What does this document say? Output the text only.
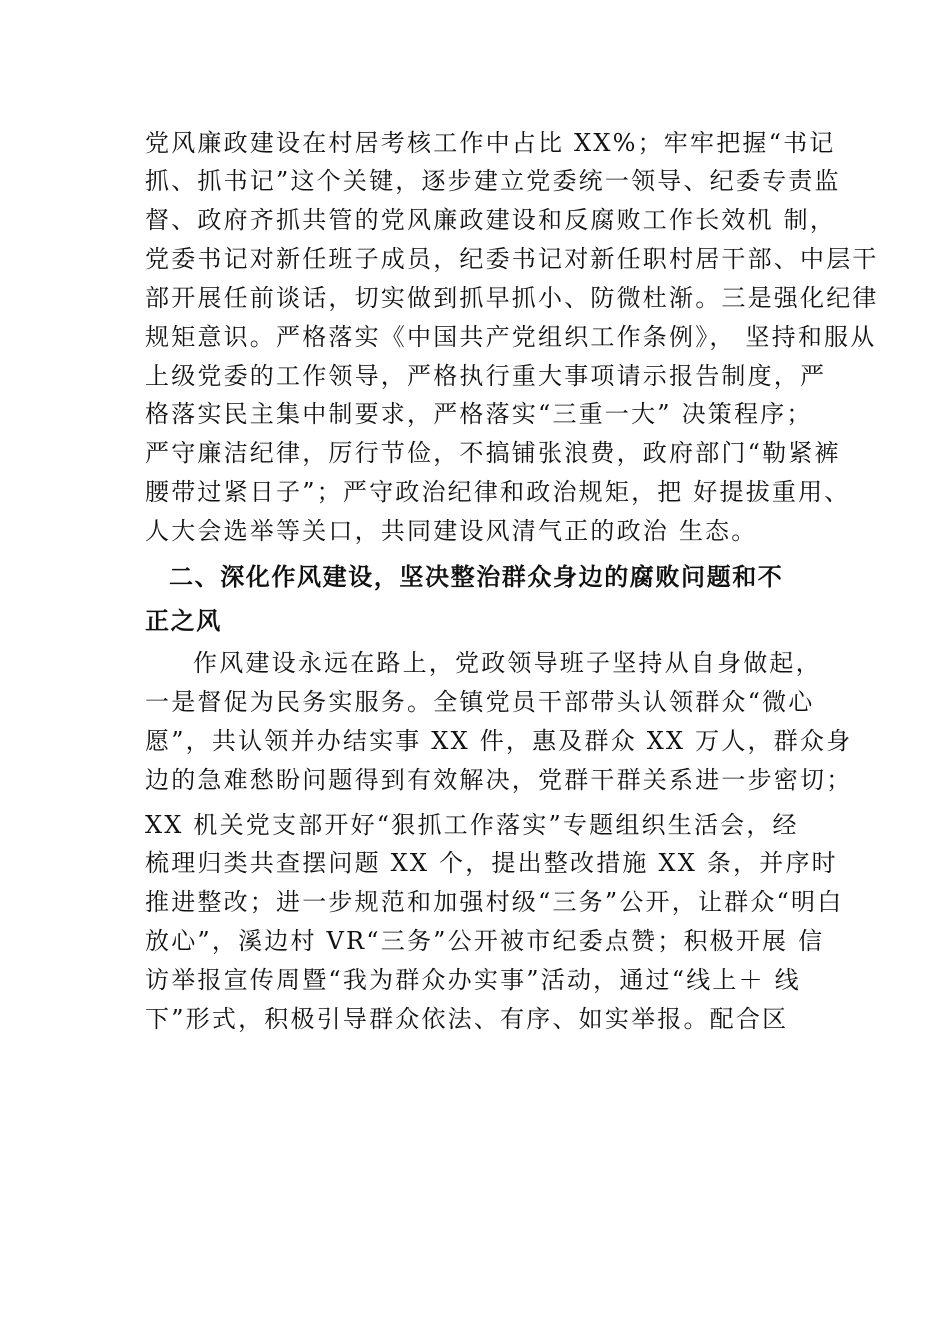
党风廉政建设在村居考核工作中占比 XX%；牢牢把握“书记
抓、抓书记”这个关键，逐步建立党委统一领导、纪委专责监
督、政府齐抓共管的党风廉政建设和反腐败工作长效机 制，
党委书记对新任班子成员，纪委书记对新任职村居干部、中层干
部开展任前谈话，切实做到抓早抓小、防微杜渐。三是强化纪律
规矩意识。严格落实《中国共产党组织工作条例》， 坚持和服从
上级党委的工作领导，严格执行重大事项请示报告制度，严
格落实民主集中制要求，严格落实“三重一大” 决策程序；
严守廉洁纪律，厉行节俭，不搞铺张浪费，政府部门“勒紧裤
腰带过紧日子”；严守政治纪律和政治规矩，把 好提拔重用、
人大会选举等关口，共同建设风清气正的政治 生态。
二、深化作风建设，坚决整治群众身边的腐败问题和不
正之风
作风建设永远在路上，党政领导班子坚持从自身做起，
一是督促为民务实服务。全镇党员干部带头认领群众“微心
愿”，共认领并办结实事 XX 件，惠及群众 XX 万人，群众身
边的急难愁盼问题得到有效解决，党群干群关系进一步密切；
XX 机关党支部开好“狠抓工作落实”专题组织生活会，经
梳理归类共查摆问题 XX 个，提出整改措施 XX 条，并序时
推进整改；进一步规范和加强村级“三务”公开，让群众“明白
放心”，溪边村 VR“三务”公开被市纪委点赞；积极开展 信
访举报宣传周暨“我为群众办实事”活动，通过“线上＋ 线
下”形式，积极引导群众依法、有序、如实举报。配合区
